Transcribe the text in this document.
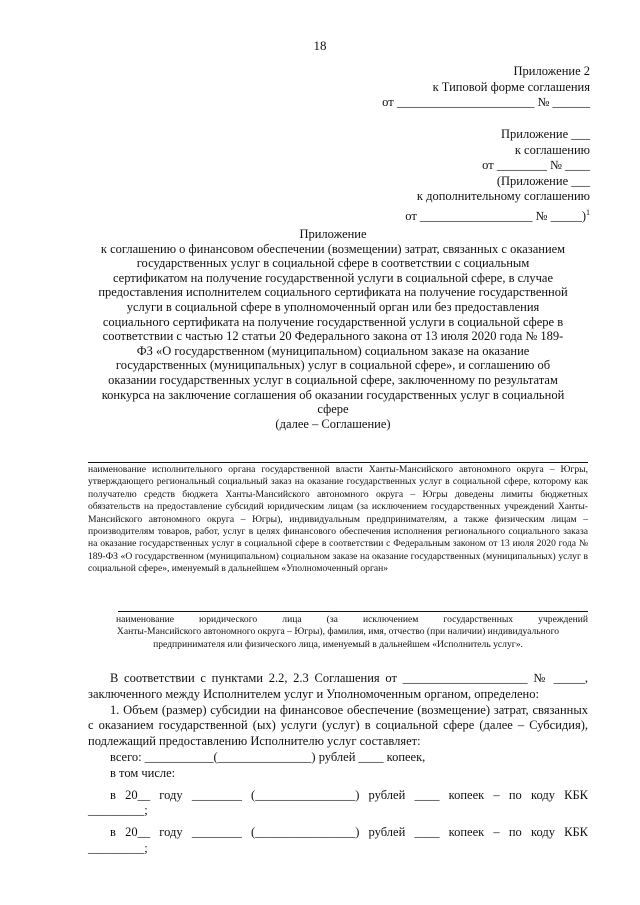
18
Приложение 2
к Типовой форме соглашения
от ______________________ № ______
Приложение ___
к соглашению
от ________ № ____
(Приложение ___
к дополнительному соглашению
от __________________ № _____)$^1$
Приложение
к соглашению о финансовом обеспечении (возмещении) затрат, связанных с оказанием государственных услуг в социальной сфере в соответствии с социальным сертификатом на получение государственной услуги в социальной сфере, в случае предоставления исполнителем социального сертификата на получение государственной услуги в социальной сфере в уполномоченный орган или без предоставления социального сертификата на получение государственной услуги в социальной сфере в соответствии с частью 12 статьи 20 Федерального закона от 13 июля 2020 года № 189-ФЗ «О государственном (муниципальном) социальном заказе на оказание государственных (муниципальных) услуг в социальной сфере», и соглашению об оказании государственных услуг в социальной сфере, заключенному по результатам конкурса на заключение соглашения об оказании государственных услуг в социальной сфере
(далее – Соглашение)
наименование исполнительного органа государственной власти Ханты-Мансийского автономного округа – Югры, утверждающего региональный социальный заказ на оказание государственных услуг в социальной сфере, которому как получателю средств бюджета Ханты-Мансийского автономного округа – Югры доведены лимиты бюджетных обязательств на предоставление субсидий юридическим лицам (за исключением государственных учреждений Ханты-Мансийского автономного округа – Югры), индивидуальным предпринимателям, а также физическим лицам – производителям товаров, работ, услуг в целях финансового обеспечения исполнения регионального социального заказа на оказание государственных услуг в социальной сфере в соответствии с Федеральным законом от 13 июля 2020 года № 189-ФЗ «О государственном (муниципальном) социальном заказе на оказание государственных (муниципальных) услуг в социальной сфере», именуемый в дальнейшем «Уполномоченный орган»
наименование юридического лица (за исключением государственных учреждений
Ханты-Мансийского автономного округа – Югры), фамилия, имя, отчество (при наличии) индивидуального предпринимателя или физического лица, именуемый в дальнейшем «Исполнитель услуг».

В соответствии с пунктами 2.2, 2.3 Соглашения от ____________________ № _____, заключенного между Исполнителем услуг и Уполномоченным органом, определено:

1. Объем (размер) субсидии на финансовое обеспечение (возмещение) затрат, связанных с оказанием государственной (ых) услуги (услуг) в социальной сфере (далее – Субсидия), подлежащий предоставлению Исполнителю услуг составляет:

всего: ___________(_______________) рублей ____ копеек,

в том числе:

в 20__ году ________ (________________) рублей ____ копеек – по коду КБК

_________;

в 20__ году ________ (________________) рублей ____ копеек – по коду КБК

_________;
